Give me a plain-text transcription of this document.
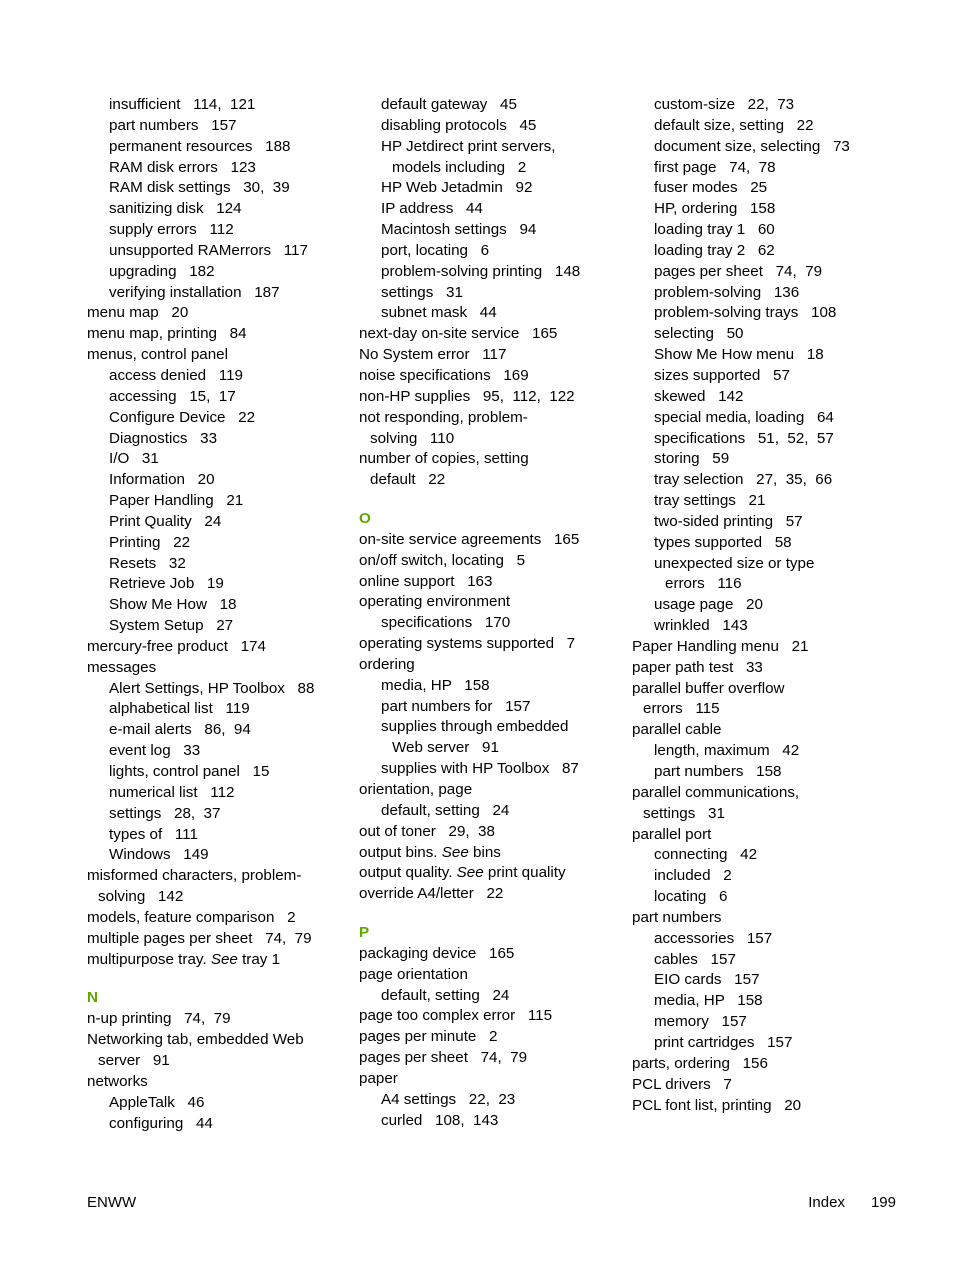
insufficient   114,  121
part numbers   157
permanent resources   188
RAM disk errors   123
RAM disk settings   30,  39
sanitizing disk   124
supply errors   112
unsupported RAMerrors   117
upgrading   182
verifying installation   187
menu map   20
menu map, printing   84
menus, control panel
access denied   119
accessing   15,  17
Configure Device   22
Diagnostics   33
I/O   31
Information   20
Paper Handling   21
Print Quality   24
Printing   22
Resets   32
Retrieve Job   19
Show Me How   18
System Setup   27
mercury-free product   174
messages
Alert Settings, HP Toolbox   88
alphabetical list   119
e-mail alerts   86,  94
event log   33
lights, control panel   15
numerical list   112
settings   28,  37
types of   111
Windows   149
misformed characters, problem-
solving   142
models, feature comparison   2
multiple pages per sheet   74,  79
multipurpose tray. See tray 1
N
n-up printing   74,  79
Networking tab, embedded Web
server   91
networks
AppleTalk   46
configuring   44
default gateway   45
disabling protocols   45
HP Jetdirect print servers,
models including   2
HP Web Jetadmin   92
IP address   44
Macintosh settings   94
port, locating   6
problem-solving printing   148
settings   31
subnet mask   44
next-day on-site service   165
No System error   117
noise specifications   169
non-HP supplies   95,  112,  122
not responding, problem-
solving   110
number of copies, setting
default   22
O
on-site service agreements   165
on/off switch, locating   5
online support   163
operating environment
specifications   170
operating systems supported   7
ordering
media, HP   158
part numbers for   157
supplies through embedded
Web server   91
supplies with HP Toolbox   87
orientation, page
default, setting   24
out of toner   29,  38
output bins. See bins
output quality. See print quality
override A4/letter   22
P
packaging device   165
page orientation
default, setting   24
page too complex error   115
pages per minute   2
pages per sheet   74,  79
paper
A4 settings   22,  23
curled   108,  143
custom-size   22,  73
default size, setting   22
document size, selecting   73
first page   74,  78
fuser modes   25
HP, ordering   158
loading tray 1   60
loading tray 2   62
pages per sheet   74,  79
problem-solving   136
problem-solving trays   108
selecting   50
Show Me How menu   18
sizes supported   57
skewed   142
special media, loading   64
specifications   51,  52,  57
storing   59
tray selection   27,  35,  66
tray settings   21
two-sided printing   57
types supported   58
unexpected size or type
errors   116
usage page   20
wrinkled   143
Paper Handling menu   21
paper path test   33
parallel buffer overflow
errors   115
parallel cable
length, maximum   42
part numbers   158
parallel communications,
settings   31
parallel port
connecting   42
included   2
locating   6
part numbers
accessories   157
cables   157
EIO cards   157
media, HP   158
memory   157
print cartridges   157
parts, ordering   156
PCL drivers   7
PCL font list, printing   20
ENWW	Index 199
